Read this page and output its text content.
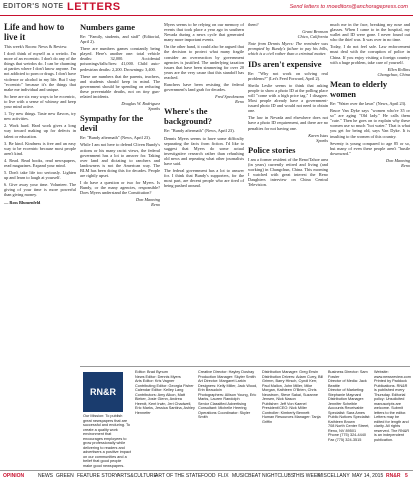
EDITOR'S NOTE LETTERS	Send letters to rnoeditors@anchoragepress.com
Life and how to live it

This week's Room: News & Review.

I don't think of myself as a weirdo. I'm more of an eccentric. I don't do any of the things that weirdos do. I can be charming at parties where I don't know anyone. I'm not addicted to porn or drugs. I don't have violence or alcohol in my life. But I stay "eccentric" because it's the things that make me individual and unique.

So here are six easy ways to be eccentric, to live with a sense of whimsy and keep your mind active.

1. Try new things. Taste new flavors, try new activities.

2. Work hard. Hard work gives a long way toward making up for defects in talent or education.

3. Be kind. Kindness is free and an easy way to be eccentric because most people aren't kind.

4. Read. Read books, read newspapers, read magazines. Expand your mind.

5. Don't take life too seriously. Lighten up and learn to laugh at yourself.

6. Give away your time. Volunteer. The giving of your time is more powerful than giving money.

— Ross Blumenfeld

Numbers game

Re: "Family, students, and staff" (Editorial, April 2).

There are numbers games constantly being played. Here's another one: total vehicle deaths: 32,000. Accidental poisonings/falls/fires: 41,000. Child auto-pedestrian deaths: 2,200. Drownings: 3,400.

These are numbers that the parents, teachers, and students should keep in mind. The government should be spending on reducing these preventable deaths, not on tiny gun-related incidents.

Douglas W. Rodriguez
Sparks

Sympathy for the devil

Re: "Bundy aftermath" (News, April 23).

While I am not here to defend Cliven Bundy's actions or his many racist views, the federal government has a lot to answer for. Taking over land and dictating to ranchers and landowners is not the American way. The BLM has been doing this for decades. People are rightly upset.

I do have a question or two for Myers. Is Bundy, or the many agencies, responsible? Does Myers understand the Constitution?

Don Manning
Reno

Myers seems to be relying on our memory of events that took place a year ago in southern Nevada during a news cycle that generated many more important events.

On the other hand, it could also be argued that the decision to protect what many fragile consider an overreaction by government agencies is justified. The underlying taxation issues that have been simmering for over 20 years are the very cause that this standoff has reached.

Ranchers have been resisting the federal government's land grab for decades.

Fred Speckmann
Reno

Where's the background?

Re: "Bundy aftermath" (News, April 23).

Dennis Myers seems to have some difficulty separating the facts from fiction. I'd like to suggest that Myers do some actual investigative research rather than rehashing old news and repeating what other journalists have said.

The federal government has a lot to answer for. I think that Bundy's supporters, for the most part, are decent people who are tired of being pushed around.

them?

Grant Bronson
Chico, California

Note from Dennis Myers: The reminder was prompted by Bundy's failure to pay his bills, which is a civil rather than a criminal matter.

IDs aren't expensive

Re: "Why not work on solving real problems?" (Let's Feed Forward, April 2).

Sheila Leslie seems to think that asking people to show a photo ID at the polling place will "come with a high price tag." I disagree. Most people already have a government-issued photo ID and would not need to obtain one.

The law in Nevada and elsewhere does not have a photo ID requirement, and there are no penalties for not having one.

Karen Istas
Sparks

Police stories

I am a former resident of the Reno/Tahoe area (in years) currently retired and living (and working) in Changchun, China. This morning I watched with great interest the Reno Daughters interview on China Central Television.

much me in the face, breaking my nose and glasses. When I came to in the hospital, my wallet and ID were gone. I never found out who the thief was. It was over in no time.

Today, I do not feel safe. Law enforcement must deal with the corruption of police in China. If you enjoy visiting a foreign country with a huge problem, take care of yourself.

Ellen Rollins
Changchun, China

Mean to elderly women

Re: "Water over the lawn" (News, April 23).

Bruce Van Dyke says "women who're 35 or so" are aging "Old lady." He calls them "cute." Then he goes on to explain why these women use so much "hot water." That is what you get for being old, says Van Dyke. It is insulting to the women of this country.

Seventy is young compared to age 85 or so, but many of even these people aren't "hustle downward."

Don Manning
Reno

RN&R
Our Mission: To publish great newspapers that are successful and enduring. To create a quality work environment that encourages employees to grow professionally while delivering to readers and advertisers a positive impact on our communities and a belief that good people make good newspapers.
Editor: Brad Bynum
News Editor: Dennis Myers
Arts Editor: Kris Vagner
Contributing Editor: Georgia Fisher
Calendar Editor: Kelley Lang
Contributors: Amy Alkon, Matt Bieker, Josie Glenn, Andrea Heerdt, Kent Irwin, Jeri Chadwell, Eric Marks, Jessica Santina, Ashley Hennefer
Creative Director: Hayley Doshay
Production Manager: Skyler Smith
Art Director: Margaret Larkin
Designers: Kelly Miller, Jack Wood, Erin Beaudoin
Photographers: Allison Young, Eric Marks, Lauren Randolph
Senior Classified Advertising Consultant: Michelle Heering
Operations Coordinator: Skyler Smith
Distribution Manager: Greg Erwin
Distribution Drivers: Adam Curry, Bill Grimm, Barry Hirsch, Cyndi Kerr, Paul Mallon, John Miller, Mike Morgan, Kathleen O'Brien, Chris Neustrom, Steve Sakai, Suzanne Jensen, Nick Nason
Publisher: Jeff Von Kaenel
President/CEO: Nick Miller
Controller: Kimberly Bennett
Human Resources Manager: Tanja Griffin
Business Director: Sam Fowler
Director of Media: Jack Beattie
Director of Marketing: Stephanie Maynard
Distribution Manager: Jennifer Scheible
Accounts Receivable Specialist: Sara Ames
Public Notices Specialist: Kathleen Brown
708 North Center Street, Reno, NV 89501
Phone (775) 324-4440
Fax (775) 324-3515
Website: www.newsreview.com Printed by Paddock Publications. RN&R is published every Thursday. Editorial policy: Unsolicited manuscripts are welcome. Submit letters to the editor. Letters may be edited for length and clarity. All rights reserved. The RN&R is an independent publication.
OPINION	NEWS GREEN FEATURE STORY
ARTS&CULTURE
ART OF THE STATE FOOD FLIX MUSICBEAT NIGHTCLUBS
THIS WEEK
MISCELLANY MAY 14, 2015 RN&R 5
